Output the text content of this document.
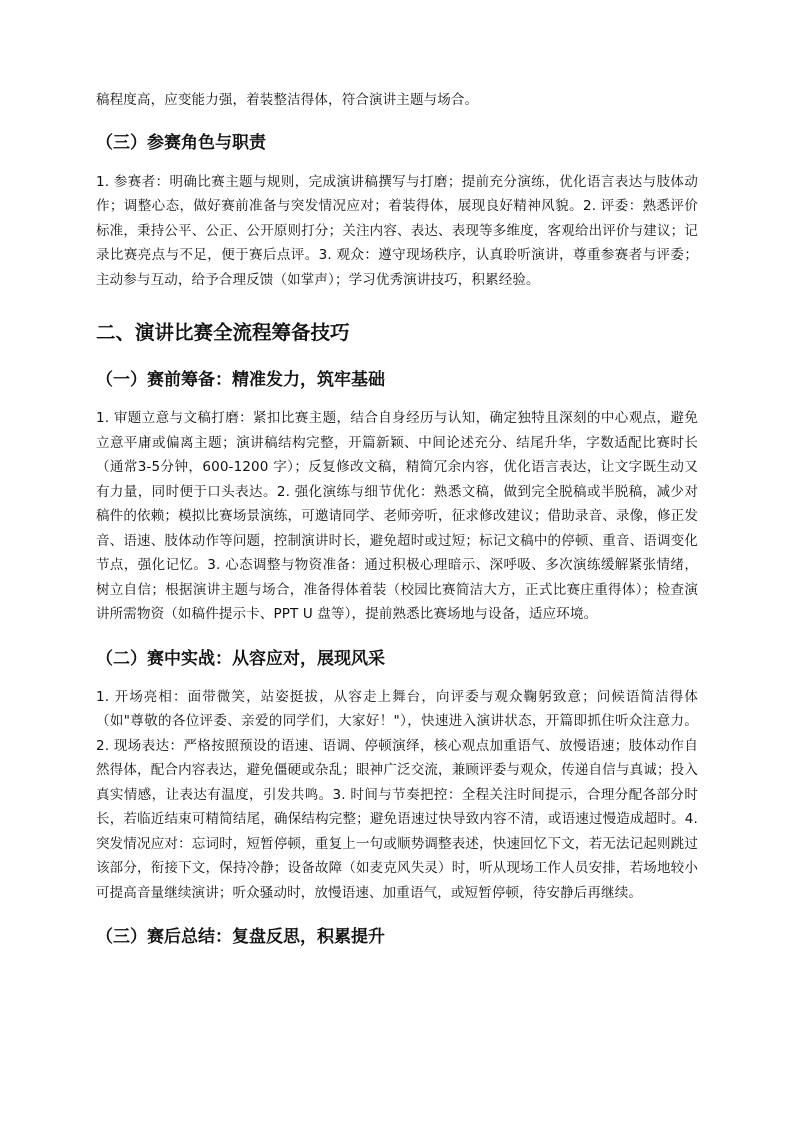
稿程度高，应变能力强，着装整洁得体，符合演讲主题与场合。

（三）参赛角色与职责

1. 参赛者：明确比赛主题与规则，完成演讲稿撰写与打磨；提前充分演练，优化语言表达与肢体动作；调整心态，做好赛前准备与突发情况应对；着装得体，展现良好精神风貌。2. 评委：熟悉评价标准，秉持公平、公正、公开原则打分；关注内容、表达、表现等多维度，客观给出评价与建议；记录比赛亮点与不足，便于赛后点评。3. 观众：遵守现场秩序，认真聆听演讲，尊重参赛者与评委；主动参与互动，给予合理反馈（如掌声）；学习优秀演讲技巧，积累经验。

二、演讲比赛全流程筹备技巧
（一）赛前筹备：精准发力，筑牢基础

1. 审题立意与文稿打磨：紧扣比赛主题，结合自身经历与认知，确定独特且深刻的中心观点，避免立意平庸或偏离主题；演讲稿结构完整，开篇新颖、中间论述充分、结尾升华，字数适配比赛时长（通常3-5分钟，600-1200 字）；反复修改文稿，精简冗余内容，优化语言表达，让文字既生动又有力量，同时便于口头表达。2. 强化演练与细节优化：熟悉文稿，做到完全脱稿或半脱稿，减少对稿件的依赖；模拟比赛场景演练，可邀请同学、老师旁听，征求修改建议；借助录音、录像，修正发音、语速、肢体动作等问题，控制演讲时长，避免超时或过短；标记文稿中的停顿、重音、语调变化节点，强化记忆。3. 心态调整与物资准备：通过积极心理暗示、深呼吸、多次演练缓解紧张情绪，树立自信；根据演讲主题与场合，准备得体着装（校园比赛简洁大方，正式比赛庄重得体）；检查演讲所需物资（如稿件提示卡、PPT U 盘等），提前熟悉比赛场地与设备，适应环境。

（二）赛中实战：从容应对，展现风采

1. 开场亮相：面带微笑，站姿挺拔，从容走上舞台，向评委与观众鞠躬致意；问候语简洁得体（如"尊敬的各位评委、亲爱的同学们，大家好！"），快速进入演讲状态，开篇即抓住听众注意力。2. 现场表达：严格按照预设的语速、语调、停顿演绎，核心观点加重语气、放慢语速；肢体动作自然得体，配合内容表达，避免僵硬或杂乱；眼神广泛交流，兼顾评委与观众，传递自信与真诚；投入真实情感，让表达有温度，引发共鸣。3. 时间与节奏把控：全程关注时间提示，合理分配各部分时长，若临近结束可精简结尾，确保结构完整；避免语速过快导致内容不清，或语速过慢造成超时。4. 突发情况应对：忘词时，短暂停顿，重复上一句或顺势调整表述，快速回忆下文，若无法记起则跳过该部分，衔接下文，保持冷静；设备故障（如麦克风失灵）时，听从现场工作人员安排，若场地较小可提高音量继续演讲；听众骚动时，放慢语速、加重语气，或短暂停顿，待安静后再继续。

（三）赛后总结：复盘反思，积累提升
